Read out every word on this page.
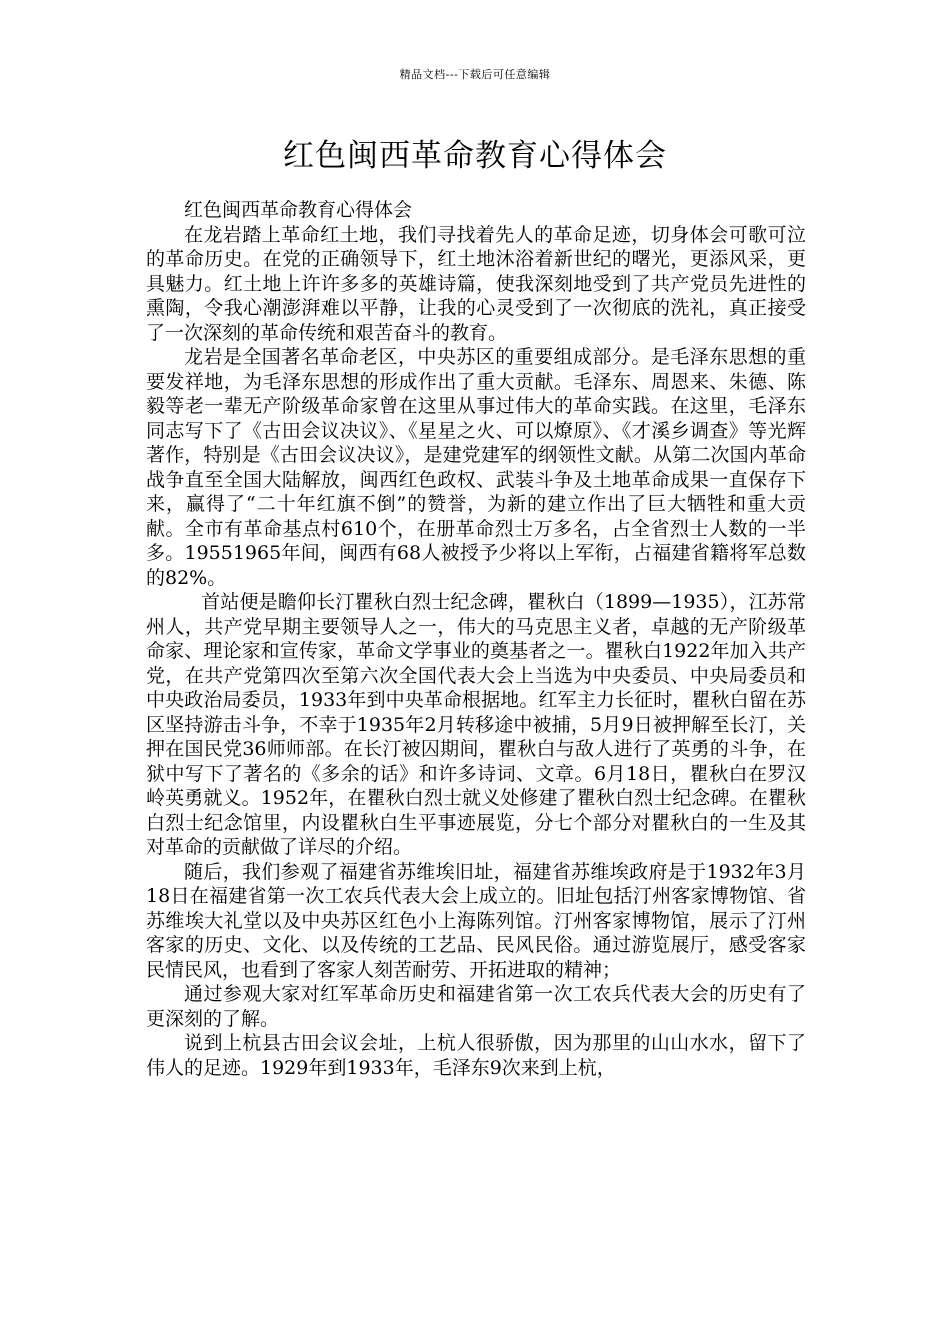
精品文档---下载后可任意编辑
红色闽西革命教育心得体会

红色闽西革命教育心得体会

在龙岩踏上革命红土地，我们寻找着先人的革命足迹，切身体会可歌可泣的革命历史。在党的正确领导下，红土地沐浴着新世纪的曙光，更添风采，更具魅力。红土地上许许多多的英雄诗篇，使我深刻地受到了共产党员先进性的熏陶，令我心潮澎湃难以平静，让我的心灵受到了一次彻底的洗礼，真正接受了一次深刻的革命传统和艰苦奋斗的教育。

龙岩是全国著名革命老区，中央苏区的重要组成部分。是毛泽东思想的重要发祥地，为毛泽东思想的形成作出了重大贡献。毛泽东、周恩来、朱德、陈毅等老一辈无产阶级革命家曾在这里从事过伟大的革命实践。在这里，毛泽东同志写下了《古田会议决议》、《星星之火、可以燎原》、《才溪乡调查》等光辉著作，特别是《古田会议决议》，是建党建军的纲领性文献。从第二次国内革命战争直至全国大陆解放，闽西红色政权、武装斗争及土地革命成果一直保存下来，赢得了“二十年红旗不倒”的赞誉，为新的建立作出了巨大牺牲和重大贡献。全市有革命基点村610个，在册革命烈士万多名，占全省烈士人数的一半多。19551965年间，闽西有68人被授予少将以上军衔，占福建省籍将军总数的82%。

首站便是瞻仰长汀瞿秋白烈士纪念碑，瞿秋白（1899—1935），江苏常州人，共产党早期主要领导人之一，伟大的马克思主义者，卓越的无产阶级革命家、理论家和宣传家，革命文学事业的奠基者之一。瞿秋白1922年加入共产党，在共产党第四次至第六次全国代表大会上当选为中央委员、中央局委员和中央政治局委员，1933年到中央革命根据地。红军主力长征时，瞿秋白留在苏区坚持游击斗争，不幸于1935年2月转移途中被捕，5月9日被押解至长汀，关押在国民党36师师部。在长汀被囚期间，瞿秋白与敌人进行了英勇的斗争，在狱中写下了著名的《多余的话》和许多诗词、文章。6月18日，瞿秋白在罗汉岭英勇就义。1952年，在瞿秋白烈士就义处修建了瞿秋白烈士纪念碑。在瞿秋白烈士纪念馆里，内设瞿秋白生平事迹展览，分七个部分对瞿秋白的一生及其对革命的贡献做了详尽的介绍。

随后，我们参观了福建省苏维埃旧址，福建省苏维埃政府是于1932年3月18日在福建省第一次工农兵代表大会上成立的。旧址包括汀州客家博物馆、省苏维埃大礼堂以及中央苏区红色小上海陈列馆。汀州客家博物馆，展示了汀州客家的历史、文化、以及传统的工艺品、民风民俗。通过游览展厅，感受客家民情民风，也看到了客家人刻苦耐劳、开拓进取的精神；

通过参观大家对红军革命历史和福建省第一次工农兵代表大会的历史有了更深刻的了解。

说到上杭县古田会议会址，上杭人很骄傲，因为那里的山山水水，留下了伟人的足迹。1929年到1933年，毛泽东9次来到上杭，
